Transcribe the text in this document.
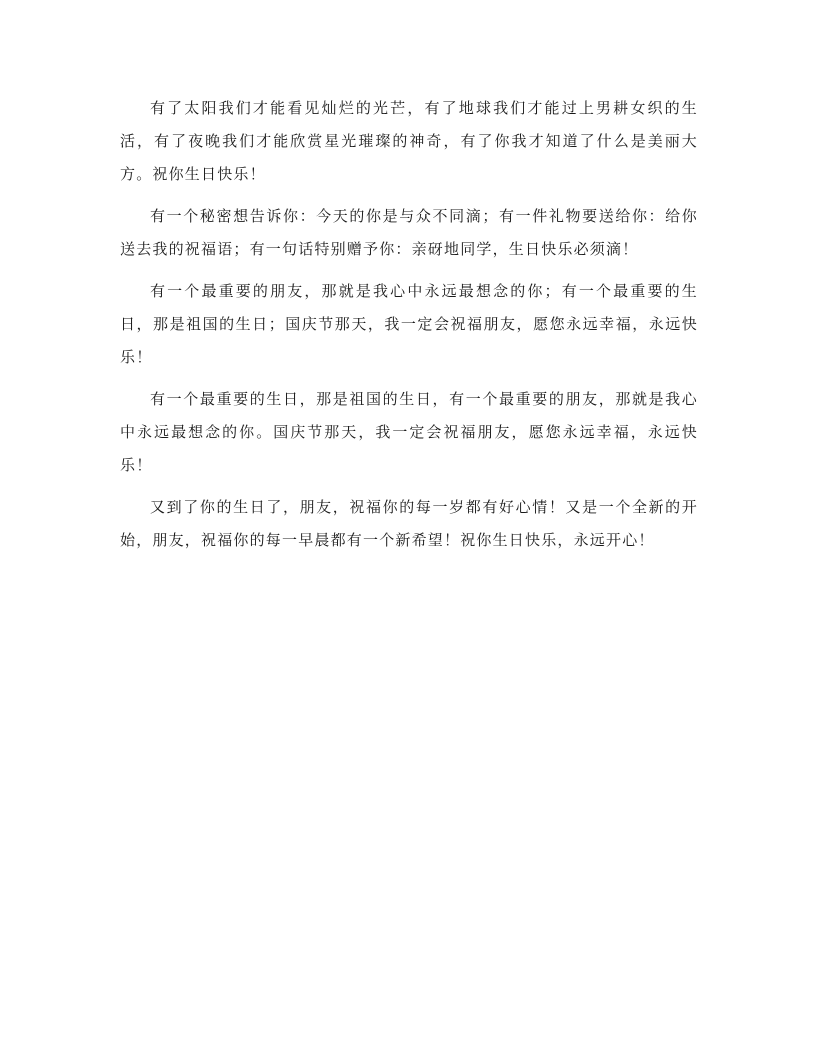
有了太阳我们才能看见灿烂的光芒，有了地球我们才能过上男耕女织的生活，有了夜晚我们才能欣赏星光璀璨的神奇，有了你我才知道了什么是美丽大方。祝你生日快乐！

有一个秘密想告诉你：今天的你是与众不同滴；有一件礼物要送给你：给你送去我的祝福语；有一句话特别赠予你：亲砑地同学，生日快乐必须滴！

有一个最重要的朋友，那就是我心中永远最想念的你；有一个最重要的生日，那是祖国的生日；国庆节那天，我一定会祝福朋友，愿您永远幸福，永远快乐！

有一个最重要的生日，那是祖国的生日，有一个最重要的朋友，那就是我心中永远最想念的你。国庆节那天，我一定会祝福朋友，愿您永远幸福，永远快乐！

又到了你的生日了，朋友，祝福你的每一岁都有好心情！又是一个全新的开始，朋友，祝福你的每一早晨都有一个新希望！祝你生日快乐，永远开心！
